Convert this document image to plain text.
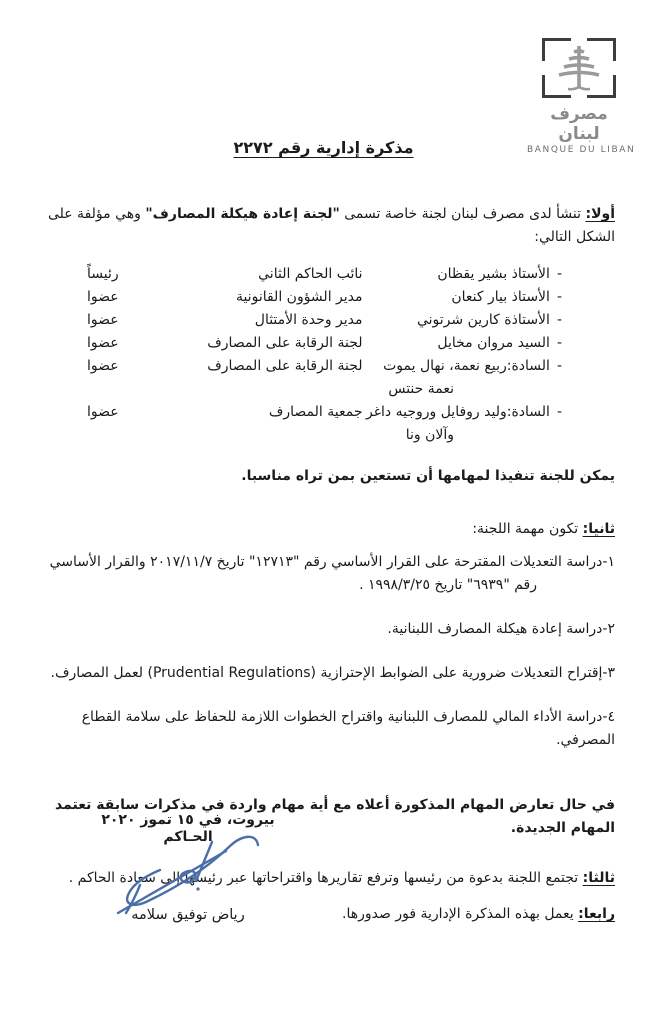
مصرف لبنان
BANQUE DU LIBAN
مذكرة إدارية رقم ٢٢٧٢

أولا: تنشأ لدى مصرف لبنان لجنة خاصة تسمى "لجنة إعادة هيكلة المصارف" وهي مؤلفة على الشكل التالي:

-الأستاذ بشير يقظان
نائب الحاكم الثاني
رئيساً
-الأستاذ بيار كنعان
مدير الشؤون القانونية
عضوا
-الأستاذة كارين شرتوني
مدير وحدة الأمتثال
عضوا
-السيد مروان مخايل
لجنة الرقابة على المصارف
عضوا
-السادة:ربيع نعمة، نهال يموت
نعمة حنتس
لجنة الرقابة على المصارف
عضوا
-السادة:وليد روفايل وروجيه داغر
وآلان ونا
جمعية المصارف
عضوا

يمكن للجنة تنفيذا لمهامها أن تستعين بمن تراه مناسبا.

ثانيا: تكون مهمة اللجنة:

١-دراسة التعديلات المقترحة على القرار الأساسي رقم "١٢٧١٣" تاريخ ٢٠١٧/١١/٧ والقرار الأساسي
رقم "٦٩٣٩" تاريخ ١٩٩٨/٣/٢٥ .

٢-دراسة إعادة هيكلة المصارف اللبنانية.

٣-إقتراح التعديلات ضرورية على الضوابط الإحترازية (Prudential Regulations) لعمل المصارف.

٤-دراسة الأداء المالي للمصارف اللبنانية واقتراح الخطوات اللازمة للحفاظ على سلامة القطاع المصرفي.

في حال تعارض المهام المذكورة أعلاه مع أية مهام واردة في مذكرات سابقة تعتمد المهام الجديدة.

ثالثا: تجتمع اللجنة بدعوة من رئيسها وترفع تقاريرها واقتراحاتها عبر رئيسها إلى سعادة الحاكم .

رابعا: يعمل بهذه المذكرة الإدارية فور صدورها.

بيروت، في ١٥ تموز ٢٠٢٠
الحـاكم
رياض توفيق سلامه
